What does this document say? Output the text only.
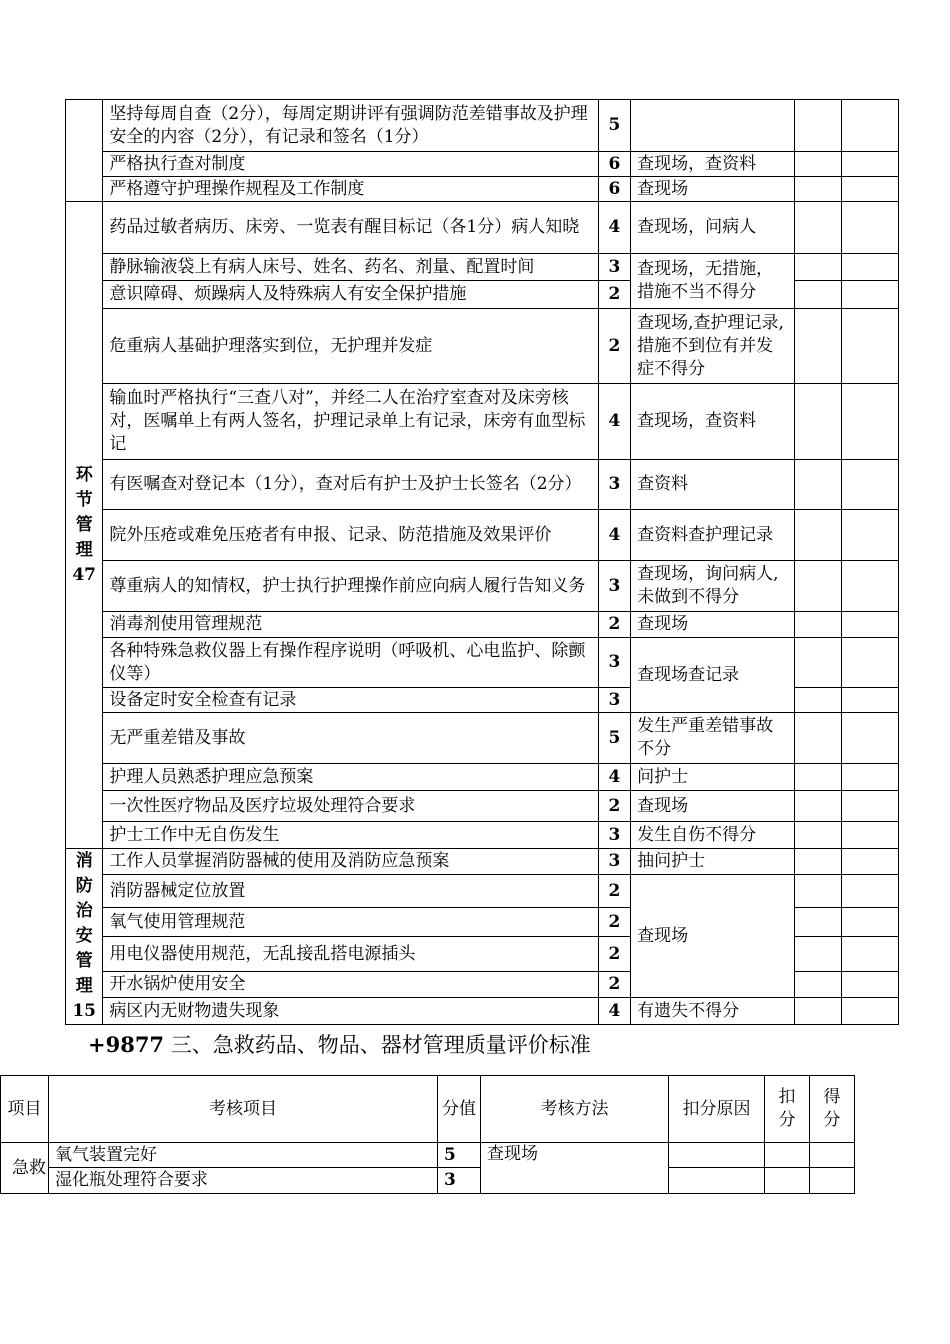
	坚持每周自查（2分），每周定期讲评有强调防范差错事故及护理安全的内容（2分），有记录和签名（1分）	5			
	严格执行查对制度	6	查现场，查资料		
	严格遵守护理操作规程及工作制度	6	查现场		

环节管理47	药品过敏者病历、床旁、一览表有醒目标记（各1分）病人知晓	4	查现场，问病人		
	静脉输液袋上有病人床号、姓名、药名、剂量、配置时间	3	查现场，无措施，措施不当不得分		
	意识障碍、烦躁病人及特殊病人有安全保护措施	2			
	危重病人基础护理落实到位，无护理并发症	2	查现场,查护理记录,措施不到位有并发症不得分		
	输血时严格执行“三查八对”，并经二人在治疗室查对及床旁核对，医嘱单上有两人签名，护理记录单上有记录，床旁有血型标记	4	查现场，查资料		
	有医嘱查对登记本（1分），查对后有护士及护士长签名（2分）	3	查资料		
	院外压疮或难免压疮者有申报、记录、防范措施及效果评价	4	查资料查护理记录		
	尊重病人的知情权，护士执行护理操作前应向病人履行告知义务	3	查现场，询问病人,未做到不得分		
	消毒剂使用管理规范	2	查现场		
	各种特殊急救仪器上有操作程序说明（呼吸机、心电监护、除颤仪等）	3	查现场查记录		
	设备定时安全检查有记录	3			
	无严重差错及事故	5	发生严重差错事故不分		
	护理人员熟悉护理应急预案	4	问护士		
	一次性医疗物品及医疗垃圾处理符合要求	2	查现场		
	护士工作中无自伤发生	3	发生自伤不得分		

消防治安管理15	工作人员掌握消防器械的使用及消防应急预案	3	抽问护士		
	消防器械定位放置	2	查现场		
	氧气使用管理规范	2			
	用电仪器使用规范，无乱接乱搭电源插头	2			
	开水锅炉使用安全	2			
	病区内无财物遗失现象	4	有遗失不得分		
+9877 三、急救药品、物品、器材管理质量评价标准
项目	考核项目	分值	考核方法	扣分原因	扣分	得分
急救	氧气装置完好	5	查现场			
	湿化瓶处理符合要求	3				
